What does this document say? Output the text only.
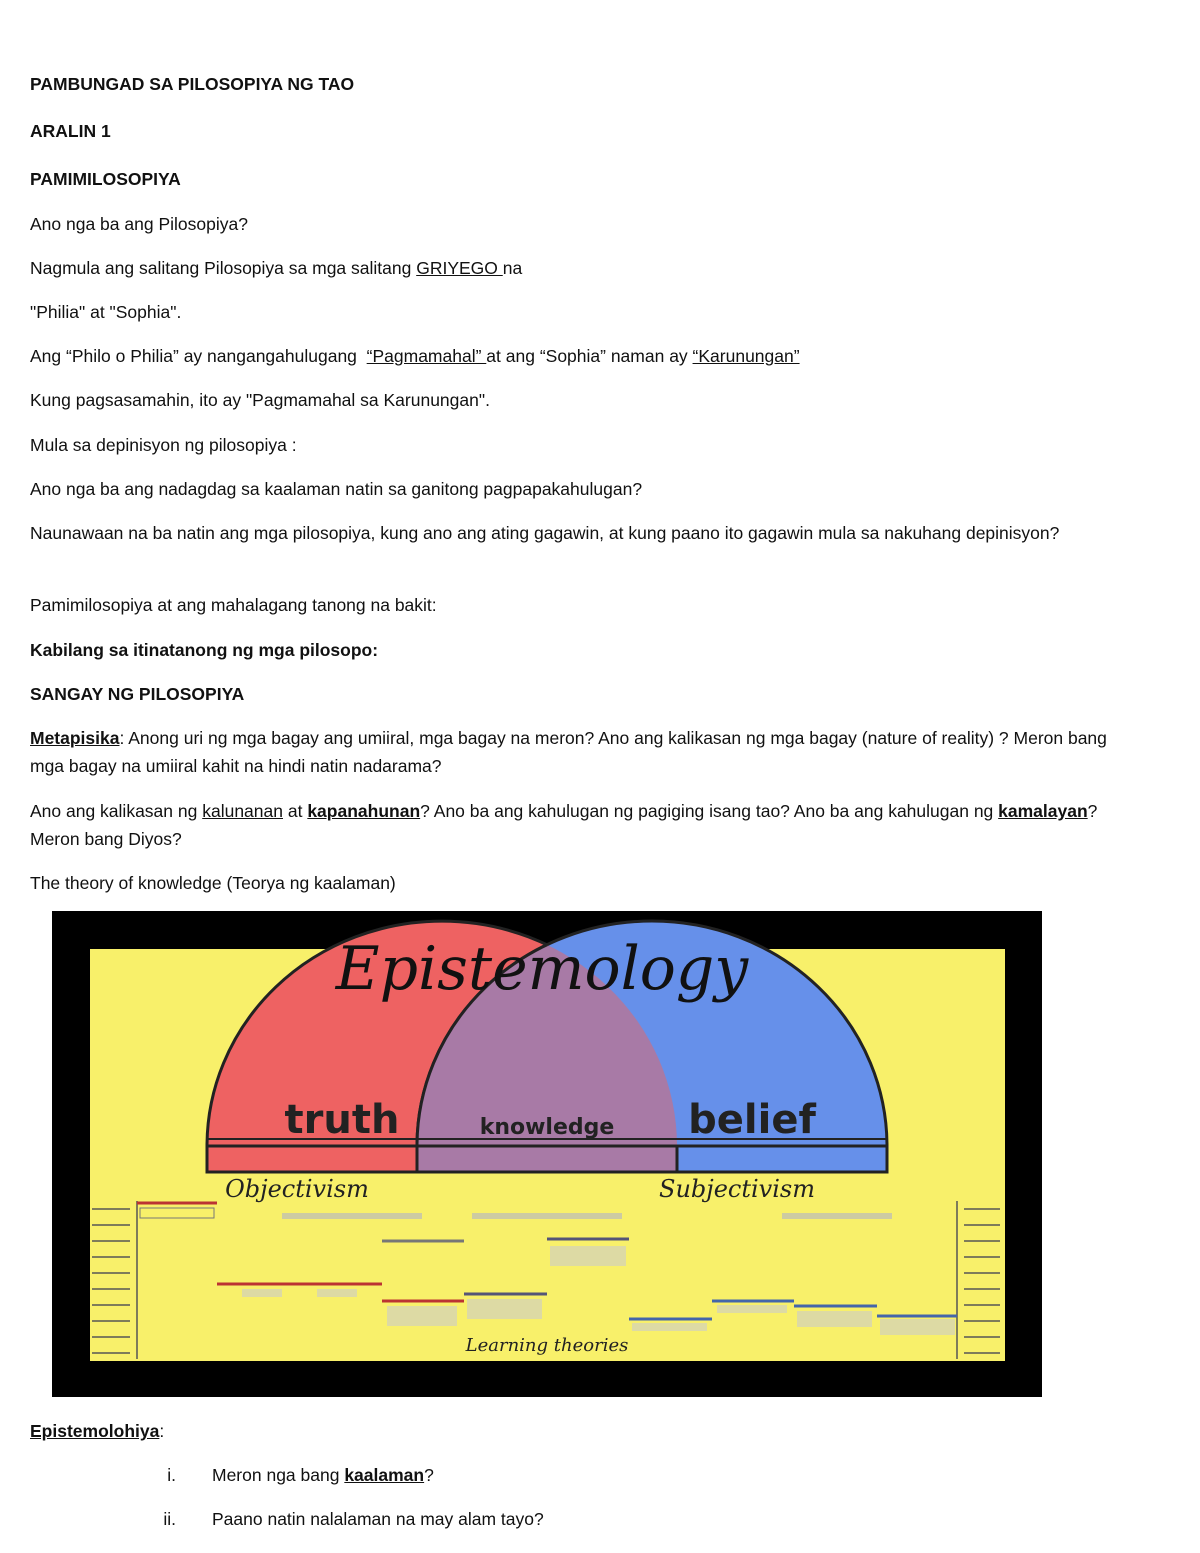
PAMBUNGAD SA PILOSOPIYA NG TAO

ARALIN 1

PAMIMILOSOPIYA

Ano nga ba ang Pilosopiya?

Nagmula ang salitang Pilosopiya sa mga salitang GRIYEGO na

"Philia" at "Sophia".

Ang “Philo o Philia” ay nangangahulugang  “Pagmamahal” at ang “Sophia” naman ay “Karunungan”

Kung pagsasamahin, ito ay "Pagmamahal sa Karunungan".

Mula sa depinisyon ng pilosopiya :

Ano nga ba ang nadagdag sa kaalaman natin sa ganitong pagpapakahulugan?

Naunawaan na ba natin ang mga pilosopiya, kung ano ang ating gagawin, at kung paano ito gagawin mula sa nakuhang depinisyon?

Pamimilosopiya at ang mahalagang tanong na bakit:

Kabilang sa itinatanong ng mga pilosopo:

SANGAY NG PILOSOPIYA

Metapisika: Anong uri ng mga bagay ang umiiral, mga bagay na meron? Ano ang kalikasan ng mga bagay (nature of reality) ? Meron bang mga bagay na umiiral kahit na hindi natin nadarama?

Ano ang kalikasan ng kalunanan at kapanahunan? Ano ba ang kahulugan ng pagiging isang tao? Ano ba ang kahulugan ng kamalayan? Meron bang Diyos?

The theory of knowledge (Teorya ng kaalaman)

Epistemology
truth	knowledge belief
Objectivism	Subjectivism
Learning theories

Epistemolohiya:

i. Meron nga bang kaalaman?
ii. Paano natin nalalaman na may alam tayo?
